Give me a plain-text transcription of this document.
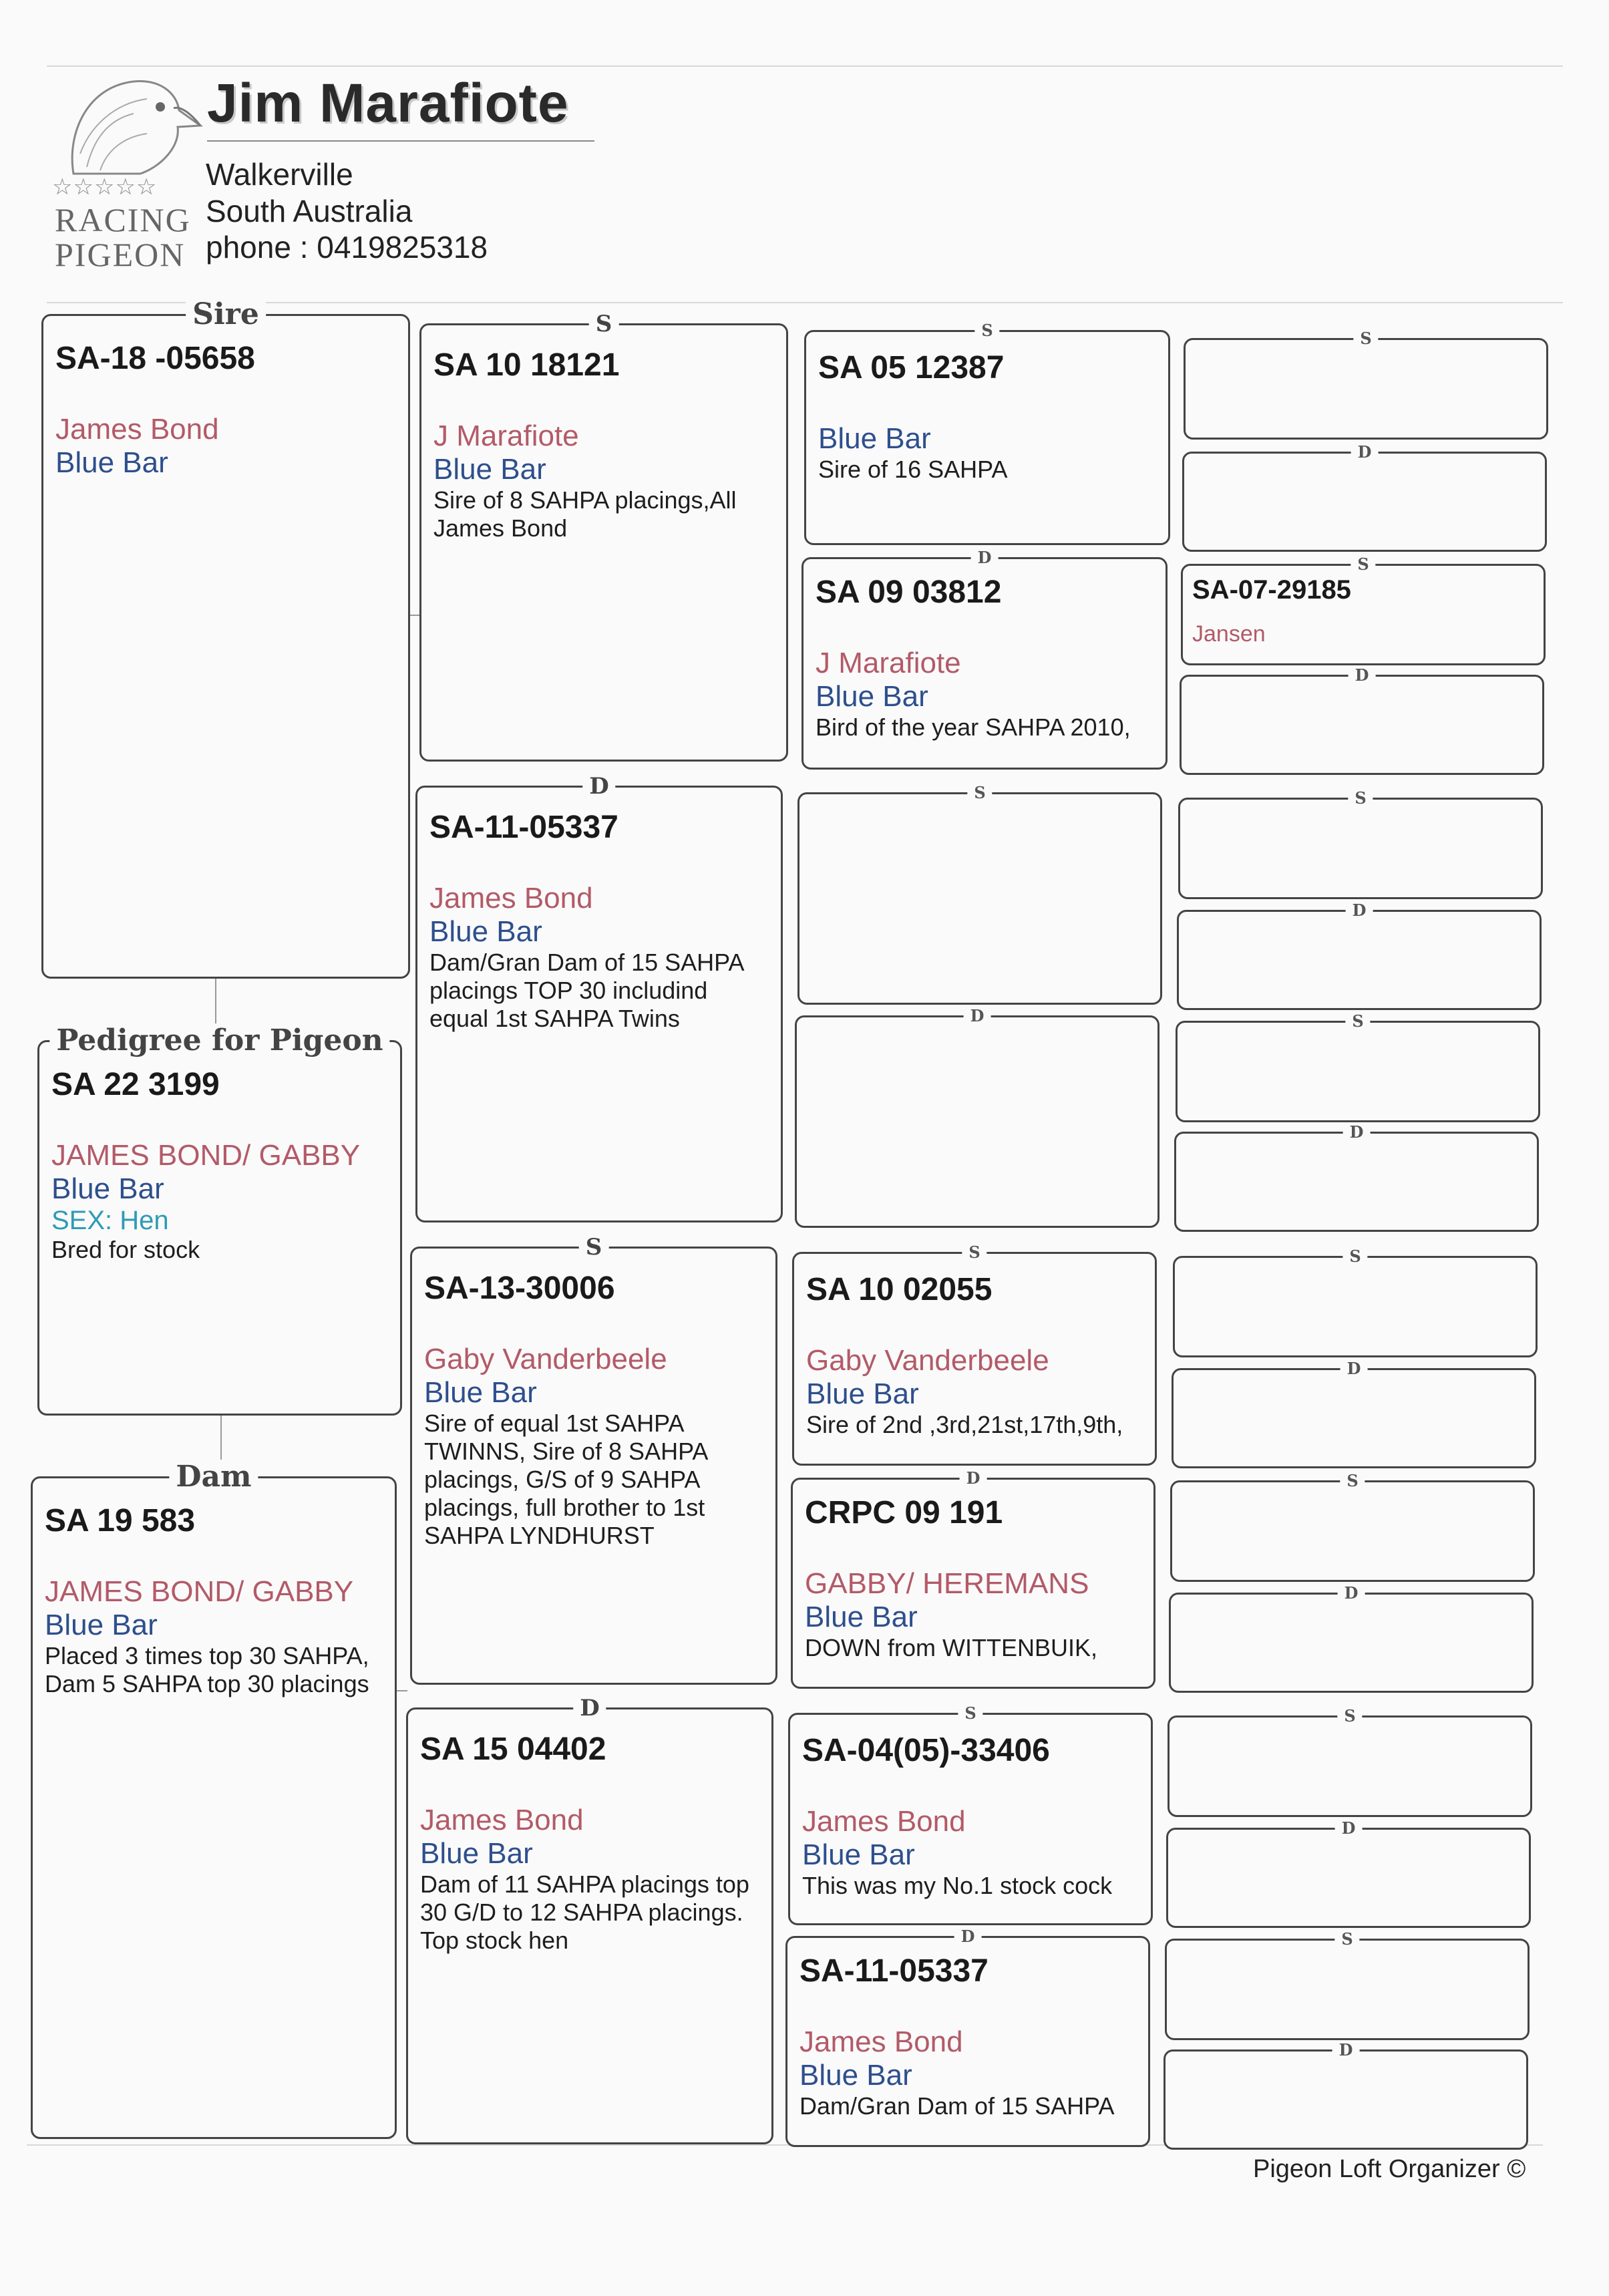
☆☆☆☆☆
RACING
PIGEON
Jim Marafiote
Walkerville
South Australia
phone : 0419825318
Sire
SA-18 -05658
James Bond
Blue Bar
Pedigree for Pigeon
SA 22 3199
JAMES BOND/ GABBY
Blue Bar
SEX: Hen
Bred for stock
Dam
SA 19 583
JAMES BOND/ GABBY
Blue Bar
Placed 3 times top 30 SAHPA, Dam 5 SAHPA top 30 placings
S
SA 10 18121
J Marafiote
Blue Bar
Sire of 8 SAHPA placings,All James Bond
D
SA-11-05337
James Bond
Blue Bar
Dam/Gran Dam of 15 SAHPA placings TOP 30 includind equal 1st SAHPA Twins
S
SA-13-30006
Gaby Vanderbeele
Blue Bar
Sire of equal 1st SAHPA TWINNS, Sire of 8 SAHPA placings, G/S of 9 SAHPA placings, full brother to 1st SAHPA LYNDHURST
D
SA 15 04402
James Bond
Blue Bar
Dam of 11 SAHPA placings top 30 G/D to 12 SAHPA placings. Top stock hen
S
SA 05 12387
Blue Bar
Sire of 16 SAHPA
D
SA 09 03812
J Marafiote
Blue Bar
Bird of the year SAHPA 2010,
S
D
S
SA 10 02055
Gaby Vanderbeele
Blue Bar
Sire of 2nd ,3rd,21st,17th,9th,
D
CRPC 09 191
GABBY/ HEREMANS
Blue Bar
DOWN from WITTENBUIK,
S
SA-04(05)-33406
James Bond
Blue Bar
This was my No.1 stock cock
D
SA-11-05337
James Bond
Blue Bar
Dam/Gran Dam of 15 SAHPA
S
D
S
SA-07-29185
Jansen
D
S
D
S
D
S
D
S
D
S
D
S
D
Pigeon Loft Organizer ©
